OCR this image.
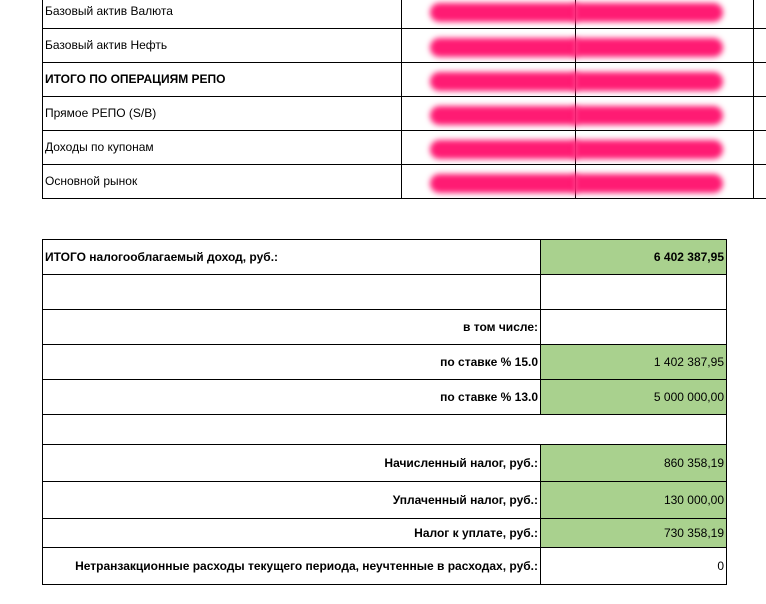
Базовый актив Валюта	

Базовый актив Нефть	

ИТОГО ПО ОПЕРАЦИЯМ РЕПО	

Прямое РЕПО (S/B)	

Доходы по купонам	

Основной рынок	

ИТОГО налогооблагаемый доход, руб.:	6 402 387,95

в том числе:	
по ставке % 15.0	1 402 387,95
по ставке % 13.0	5 000 000,00

Начисленный налог, руб.:	860 358,19
Уплаченный налог, руб.:	130 000,00
Налог к уплате, руб.:	730 358,19
Нетранзакционные расходы текущего периода, неучтенные в расходах, руб.:	0
